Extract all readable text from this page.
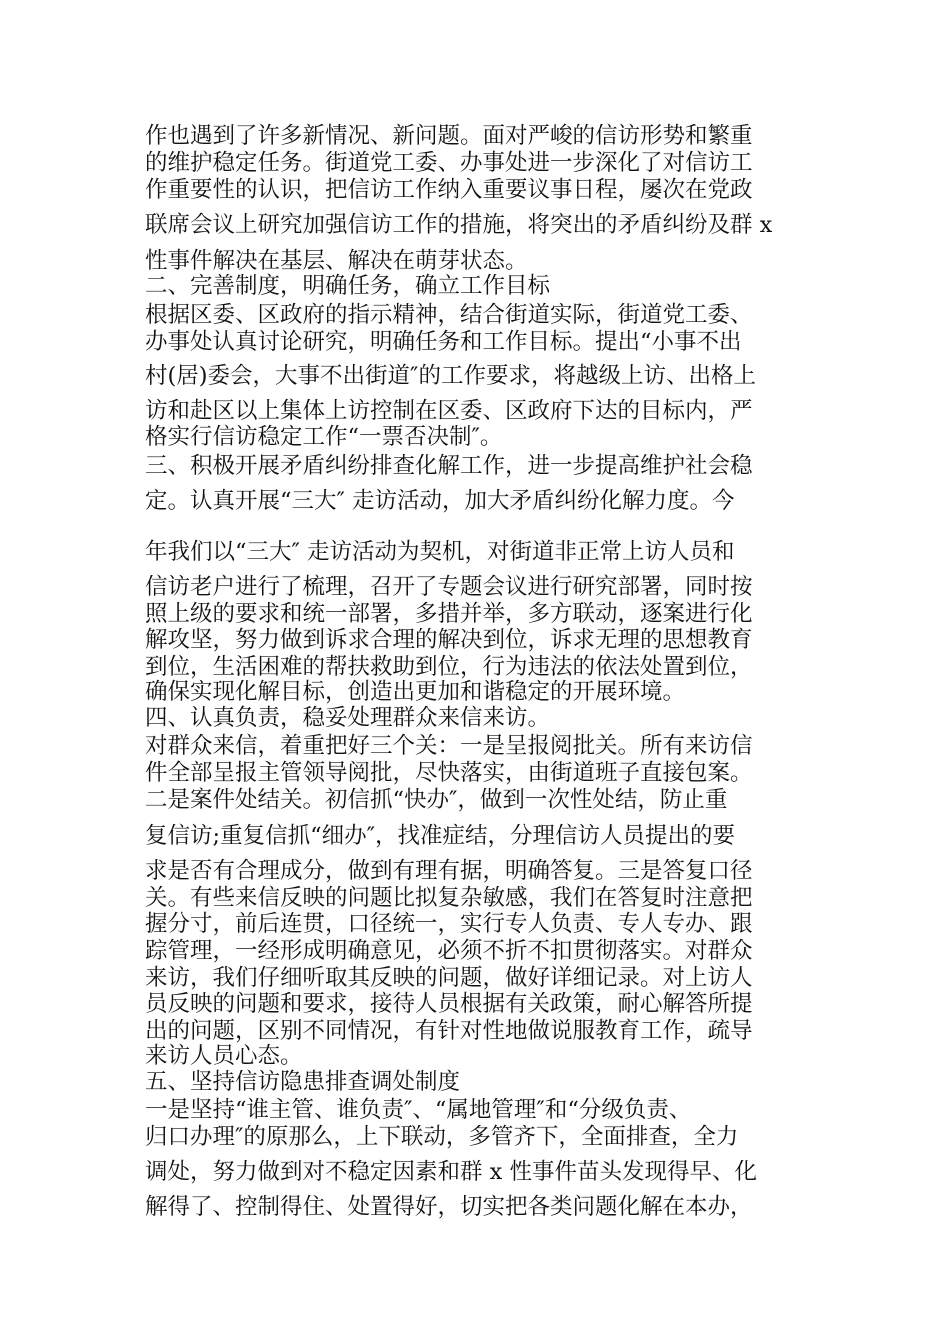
作也遇到了许多新情况、新问题。面对严峻的信访形势和繁重
的维护稳定任务。街道党工委、办事处进一步深化了对信访工
作重要性的认识，把信访工作纳入重要议事日程，屡次在党政
联席会议上研究加强信访工作的措施，将突出的矛盾纠纷及群 x
性事件解决在基层、解决在萌芽状态。
二、完善制度，明确任务，确立工作目标
根据区委、区政府的指示精神，结合街道实际，街道党工委、
办事处认真讨论研究，明确任务和工作目标。提出“小事不出
村(居)委会，大事不出街道″的工作要求，将越级上访、出格上
访和赴区以上集体上访控制在区委、区政府下达的目标内，严
格实行信访稳定工作“一票否决制″。
三、积极开展矛盾纠纷排查化解工作，进一步提高维护社会稳
定。认真开展“三大″ 走访活动，加大矛盾纠纷化解力度。今
年我们以“三大″ 走访活动为契机，对街道非正常上访人员和
信访老户进行了梳理，召开了专题会议进行研究部署，同时按
照上级的要求和统一部署，多措并举，多方联动，逐案进行化
解攻坚，努力做到诉求合理的解决到位，诉求无理的思想教育
到位，生活困难的帮扶救助到位，行为违法的依法处置到位，
确保实现化解目标，创造出更加和谐稳定的开展环境。
四、认真负责，稳妥处理群众来信来访。
对群众来信，着重把好三个关：一是呈报阅批关。所有来访信
件全部呈报主管领导阅批，尽快落实，由街道班子直接包案。
二是案件处结关。初信抓“快办″，做到一次性处结，防止重
复信访;重复信抓“细办″，找准症结，分理信访人员提出的要
求是否有合理成分，做到有理有据，明确答复。三是答复口径
关。有些来信反映的问题比拟复杂敏感，我们在答复时注意把
握分寸，前后连贯，口径统一，实行专人负责、专人专办、跟
踪管理，一经形成明确意见，必须不折不扣贯彻落实。对群众
来访，我们仔细听取其反映的问题，做好详细记录。对上访人
员反映的问题和要求，接待人员根据有关政策，耐心解答所提
出的问题，区别不同情况，有针对性地做说服教育工作，疏导
来访人员心态。
五、坚持信访隐患排查调处制度
一是坚持“谁主管、谁负责″、“属地管理″和“分级负责、
归口办理″的原那么，上下联动，多管齐下，全面排查，全力
调处，努力做到对不稳定因素和群 x 性事件苗头发现得早、化
解得了、控制得住、处置得好，切实把各类问题化解在本办，
